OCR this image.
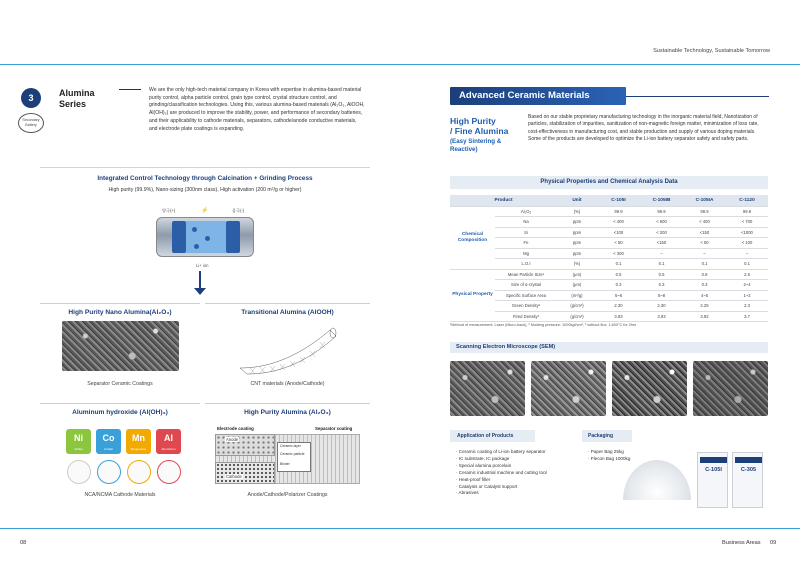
Sustainable Technology, Sustainable Tomorrow
3
Secondary Battery
Alumina
Series
We are the only high-tech material company in Korea with expertise in alumina-based material purity control, alpha particle control, grain type control, crystal structure control, and grinding/classification technologies. Using this, various alumina-based materials (Al₂O₃, AlOOH, Al(OH)₃) are produced to improve the stability, power, and performance of secondary batteries, and their applicability to cathode materials, separators, cathode/anode conductive materials, and electrode plate coatings is expanding.
Integrated Control Technology through Calcination + Grinding Process
High purity (99.9%), Nano-sizing (300nm class), High activation (200 m²/g or higher)
양극(+)	음극(-)
⚡
Li+ ion
High Purity Nano Alumina(Al₂O₃)
Separator Ceramic Coatings
Transitional Alumina (AlOOH)
CNT materials (Anode/Cathode)
Aluminum hydroxide (Al(OH)₃)
Ni
Nickel
Co
Cobalt
Mn
Manganese
Al
Aluminium
NCA/NCMA Cathode Materials
High Purity Alumina (Al₂O₃)
Electrode coating	Separator coating
Anode
Cathode
Ceramic layer
Ceramic particle
Binder
Anode/Cathode/Polarizer Coatings
Advanced Ceramic Materials
High Purity
/ Fine Alumina
(Easy Sintering & Reactive)
Based on our stable proprietary manufacturing technology in the inorganic material field, Nanotization of particles, stabilization of impurities, sanitization of non-magnetic foreign matter, minimization of loss rate, cost-effectiveness in manufacturing cost, and stable production and supply of various doping materials. Some of the products are developed to optimize the Li-ion battery separator safety and safety parts.
Physical Properties and Chemical Analysis Data
Product		Unit	C-105I	C-105IB	C-105IA	C-1120
Chemical Composition	Al₂O₃	(%)	99.9	99.9	99.9	99.9
	Na	ppm	< 400	< 600	< 400	< 700
	Si	ppm	<100	< 200	<150	<1000
	Fe	ppm	< 50	<150	< 50	< 100
	Mg	ppm	< 300	–	–	–
	L.O.I	(%)	0.1	0.1	0.1	0.1
Physical Property	Mean Particle Size¹	(μm)	0.5	0.5	0.8	2.5
	Size of α-crystal	(μm)	0.3	0.3	0.3	2~4
	Specific Surface Area	(m²/g)	5~6	6~8	4~5	1~2
	Green Density²	(g/cm³)	2.30	2.30	2.25	2.3
	Fired Density³	(g/cm³)	3.93	3.93	3.92	3.7
¹Method of measurement: Laser (Micro-track), ² Molding pressure: 1000kgf/cm², ³ without flux: 1,600°C for 2hrs
Scanning Electron Microscope (SEM)
Application of Products
· Ceramic coating of Li-ion battery separator
· IC substrate, IC package
· Special alumina porcelain
· Ceramic industrial machine and cutting tool
· Heat-proof filler
· Catalysis or Catalyst support
· Abrasives
Packaging
· Paper Bag 25kg
· Flecon Bag 1000kg
C-105I	C-305
08	Business Areas 09
